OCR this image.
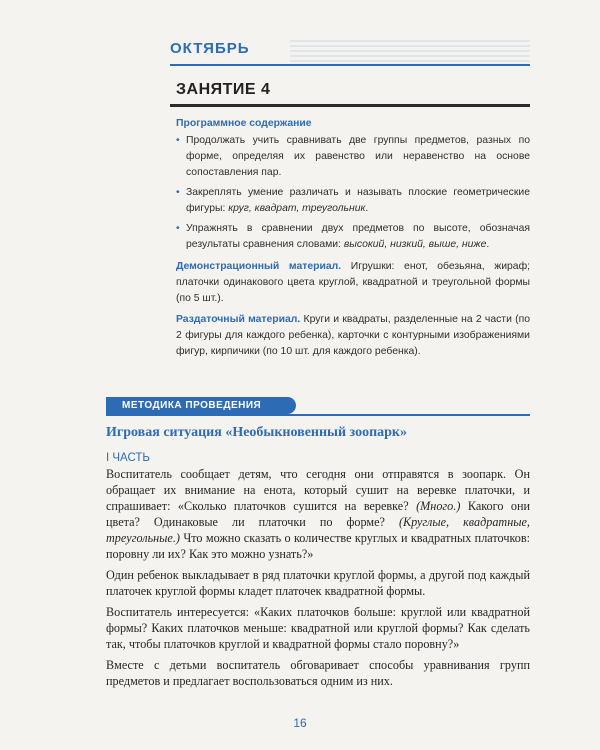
ОКТЯБРЬ
ЗАНЯТИЕ 4
Программное содержание
• Продолжать учить сравнивать две группы предметов, разных по форме, определяя их равенство или неравенство на основе сопоставления пар.
• Закреплять умение различать и называть плоские геометрические фигуры: круг, квадрат, треугольник.
• Упражнять в сравнении двух предметов по высоте, обозначая результаты сравнения словами: высокий, низкий, выше, ниже.
Демонстрационный материал. Игрушки: енот, обезьяна, жираф; платочки одинакового цвета круглой, квадратной и треугольной формы (по 5 шт.).
Раздаточный материал. Круги и квадраты, разделенные на 2 части (по 2 фигуры для каждого ребенка), карточки с контурными изображениями фигур, кирпичики (по 10 шт. для каждого ребенка).
МЕТОДИКА ПРОВЕДЕНИЯ
Игровая ситуация «Необыкновенный зоопарк»
I ЧАСТЬ

Воспитатель сообщает детям, что сегодня они отправятся в зоопарк. Он обращает их внимание на енота, который сушит на веревке платочки, и спрашивает: «Сколько платочков сушится на веревке? (Много.) Какого они цвета? Одинаковые ли платочки по форме? (Круглые, квадратные, треугольные.) Что можно сказать о количестве круглых и квадратных платочков: поровну ли их? Как это можно узнать?»

Один ребенок выкладывает в ряд платочки круглой формы, а другой под каждый платочек круглой формы кладет платочек квадратной формы.

Воспитатель интересуется: «Каких платочков больше: круглой или квадратной формы? Каких платочков меньше: квадратной или круглой формы? Как сделать так, чтобы платочков круглой и квадратной формы стало поровну?»

Вместе с детьми воспитатель обговаривает способы уравнивания групп предметов и предлагает воспользоваться одним из них.

16
